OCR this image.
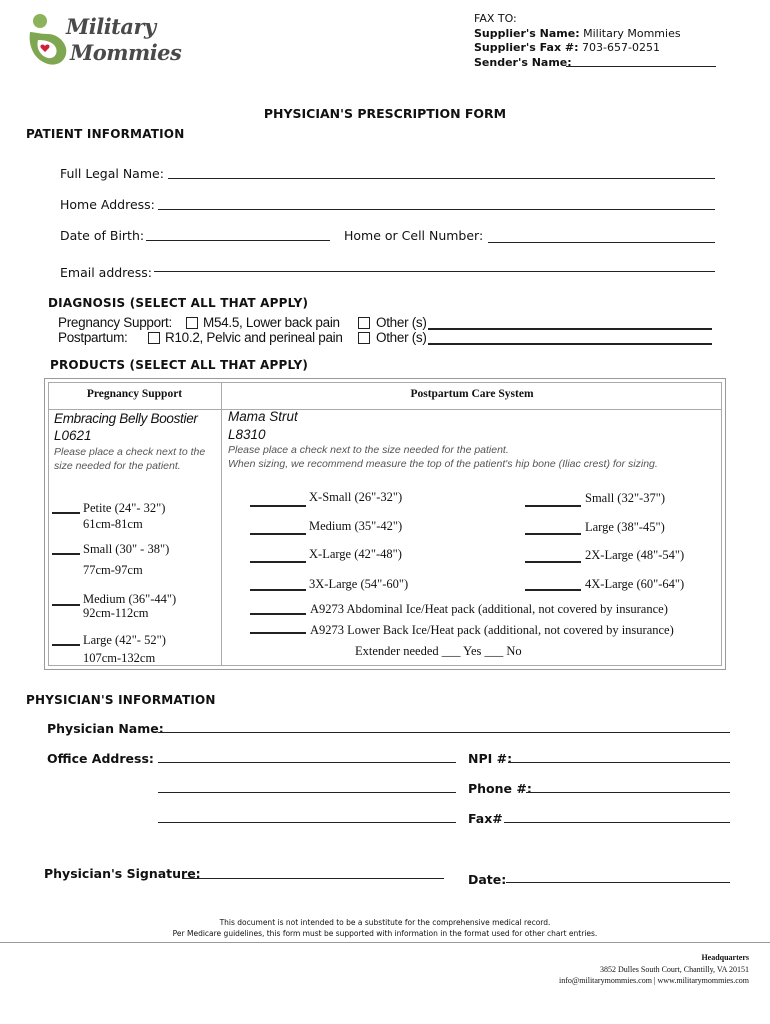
Military
Mommies
FAX TO:
Supplier's Name: Military Mommies
Supplier's Fax #: 703-657-0251
Sender's Name:
PHYSICIAN'S PRESCRIPTION FORM
PATIENT INFORMATION
Full Legal Name:
Home Address:
Date of Birth:	Home or Cell Number:
Email address:
DIAGNOSIS (SELECT ALL THAT APPLY)
Pregnancy Support: M54.5, Lower back pain	Other (s)
Postpartum:	R10.2, Pelvic and perineal pain Other (s)
PRODUCTS (SELECT ALL THAT APPLY)
Pregnancy Support	Postpartum Care System
Embracing Belly Boostier
L0621
Please place a check next to the
size needed for the patient.
Petite (24"- 32")
61cm-81cm
Small (30" - 38")
77cm-97cm
Medium (36"-44")
92cm-112cm
Large (42"- 52")
107cm-132cm
Mama Strut
L8310
Please place a check next to the size needed for the patient.
When sizing, we recommend measure the top of the patient's hip bone (Iliac crest) for sizing.
X-Small (26"-32")	Small (32"-37")
Medium (35"-42")	Large (38"-45")
X-Large (42"-48")	2X-Large (48"-54")
3X-Large (54"-60")	4X-Large (60"-64")
A9273 Abdominal Ice/Heat pack (additional, not covered by insurance)
A9273 Lower Back Ice/Heat pack (additional, not covered by insurance)
Extender needed ___ Yes ___ No
PHYSICIAN'S INFORMATION
Physician Name:
Office Address:	NPI #:
Phone #:
Fax#
Physician's Signature:	Date:
This document is not intended to be a substitute for the comprehensive medical record.
Per Medicare guidelines, this form must be supported with information in the format used for other chart entries.
Headquarters
3852 Dulles South Court, Chantilly, VA 20151
info@militarymommies.com | www.militarymommies.com
